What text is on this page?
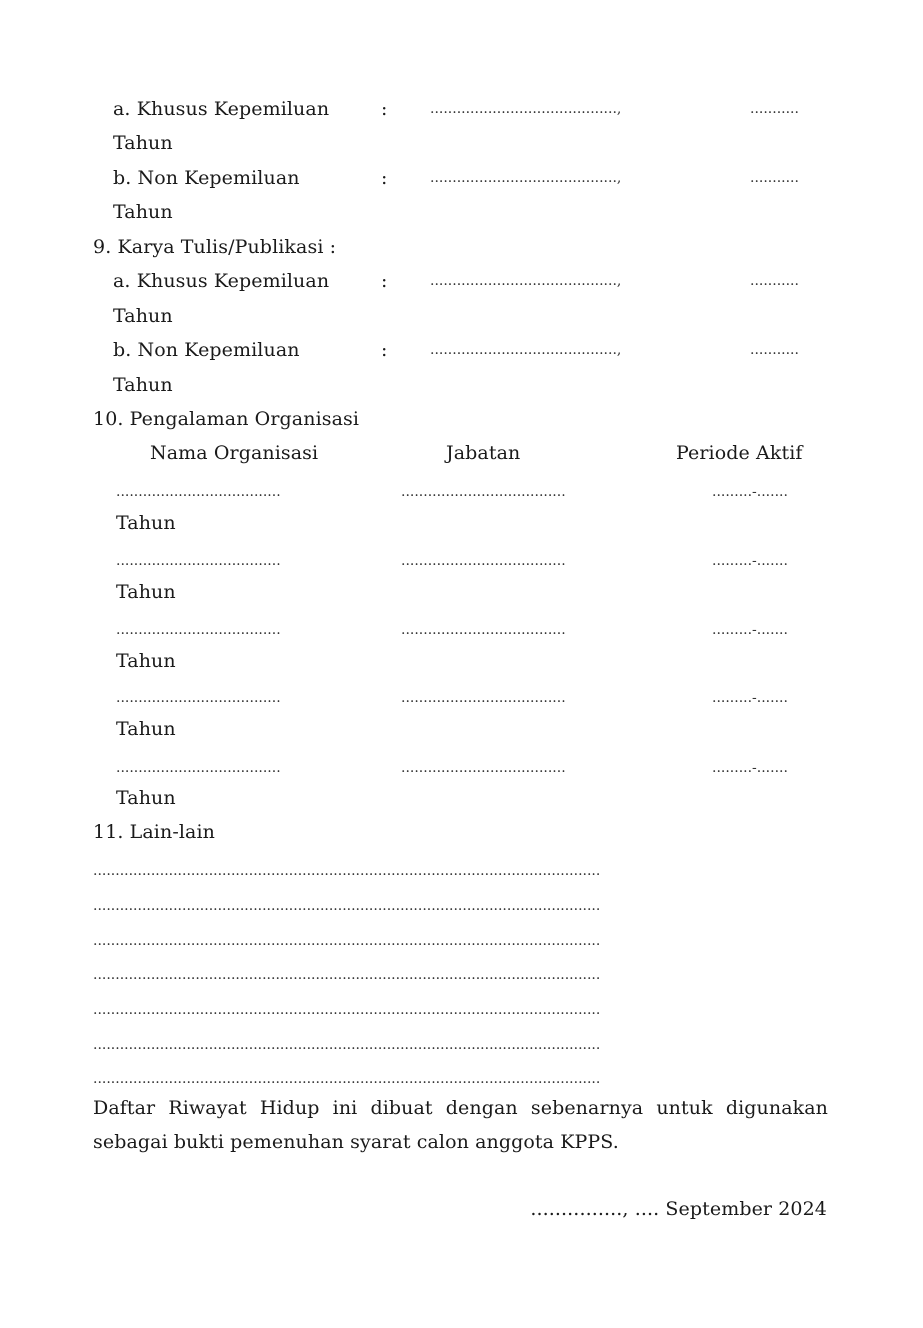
a. Khusus Kepemiluan	:	..........................................,	...........
Tahun
b. Non Kepemiluan	:	..........................................,	...........
Tahun
9. Karya Tulis/Publikasi :
a. Khusus Kepemiluan	:	..........................................,	...........
Tahun
b. Non Kepemiluan	:	..........................................,	...........
Tahun
10. Pengalaman Organisasi
Nama Organisasi	Jabatan	Periode Aktif
.....................................	.....................................	.........-.......
Tahun
.....................................	.....................................	.........-.......
Tahun
.....................................	.....................................	.........-.......
Tahun
.....................................	.....................................	.........-.......
Tahun
.....................................	.....................................	.........-.......
Tahun
11. Lain-lain
..................................................................................................................
..................................................................................................................
..................................................................................................................
..................................................................................................................
..................................................................................................................
..................................................................................................................
..................................................................................................................
Daftar Riwayat Hidup ini dibuat dengan sebenarnya untuk digunakan sebagai bukti pemenuhan syarat calon anggota KPPS.
..............., .... September 2024
